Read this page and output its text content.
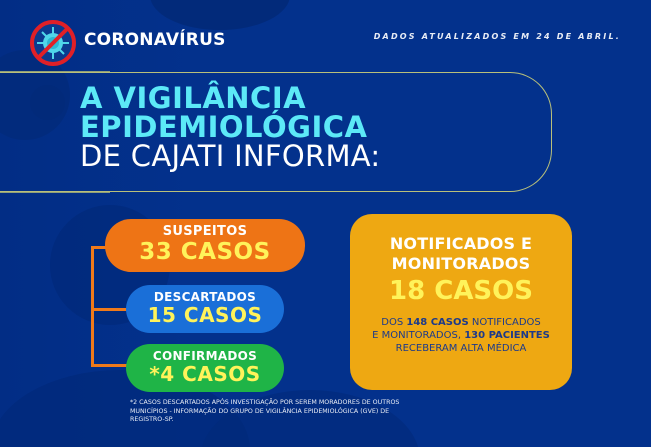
CORONAVÍRUS	DADOS ATUALIZADOS EM 24 DE ABRIL.
A VIGILÂNCIA
EPIDEMIOLÓGICA
DE CAJATI INFORMA:
SUSPEITOS
33 CASOS
DESCARTADOS
15 CASOS
CONFIRMADOS
*4 CASOS
NOTIFICADOS E
MONITORADOS
18 CASOS
DOS 148 CASOS NOTIFICADOS
E MONITORADOS, 130 PACIENTES
RECEBERAM ALTA MÉDICA
*2 CASOS DESCARTADOS APÓS INVESTIGAÇÃO POR SEREM MORADORES DE OUTROS MUNICÍPIOS - INFORMAÇÃO DO GRUPO DE VIGILÂNCIA EPIDEMIOLÓGICA (GVE) DE REGISTRO-SP.
